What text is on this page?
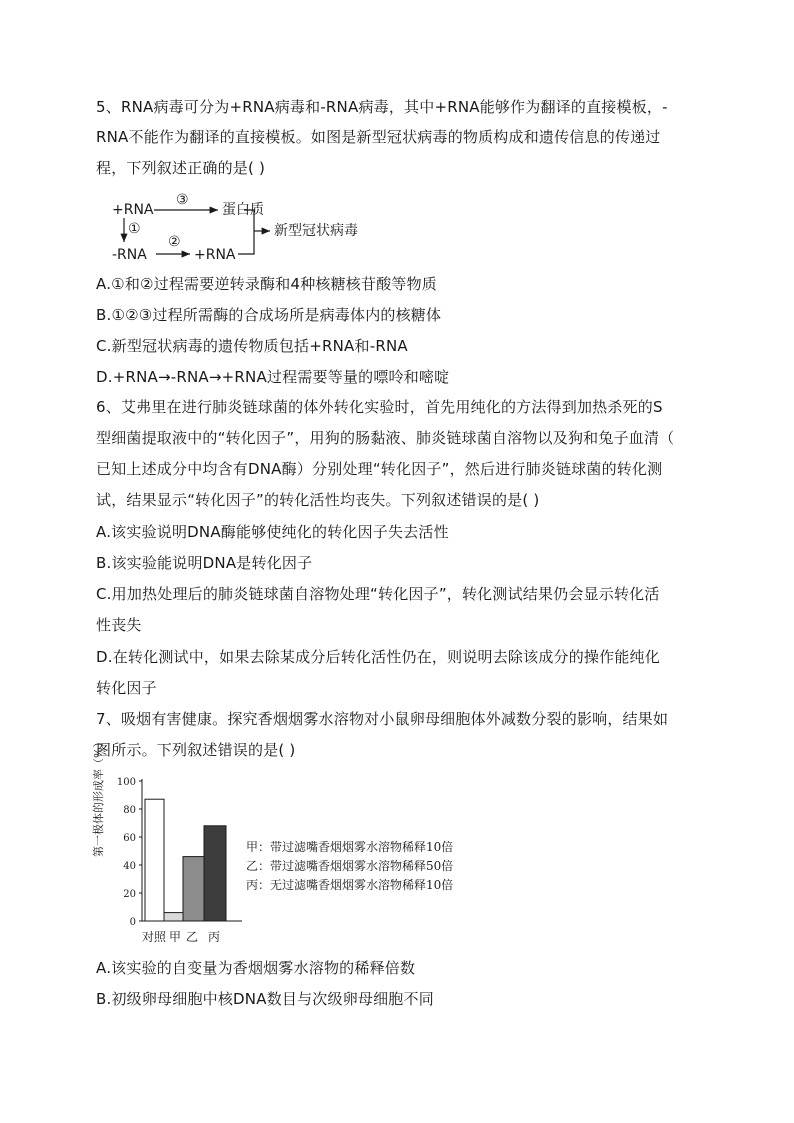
5、RNA病毒可分为+RNA病毒和-RNA病毒，其中+RNA能够作为翻译的直接模板，-
RNA不能作为翻译的直接模板。如图是新型冠状病毒的物质构成和遗传信息的传递过
程，下列叙述正确的是( )
+RNA	蛋白质
③
①
-RNA
②
+RNA
新型冠状病毒
A.①和②过程需要逆转录酶和4种核糖核苷酸等物质
B.①②③过程所需酶的合成场所是病毒体内的核糖体
C.新型冠状病毒的遗传物质包括+RNA和-RNA
D.+RNA→-RNA→+RNA过程需要等量的嘌呤和嘧啶
6、艾弗里在进行肺炎链球菌的体外转化实验时，首先用纯化的方法得到加热杀死的S
型细菌提取液中的“转化因子”，用狗的肠黏液、肺炎链球菌自溶物以及狗和兔子血清（
已知上述成分中均含有DNA酶）分别处理“转化因子”，然后进行肺炎链球菌的转化测
试，结果显示“转化因子”的转化活性均丧失。下列叙述错误的是( )
A.该实验说明DNA酶能够使纯化的转化因子失去活性
B.该实验能说明DNA是转化因子
C.用加热处理后的肺炎链球菌自溶物处理“转化因子”，转化测试结果仍会显示转化活
性丧失
D.在转化测试中，如果去除某成分后转化活性仍在，则说明去除该成分的操作能纯化
转化因子
7、吸烟有害健康。探究香烟烟雾水溶物对小鼠卵母细胞体外减数分裂的影响，结果如
图所示。下列叙述错误的是( )
第一极体的形成率（%）
0
20
40
60
80
100
对照 甲 乙 丙
甲：带过滤嘴香烟烟雾水溶物稀释10倍
乙：带过滤嘴香烟烟雾水溶物稀释50倍
丙：无过滤嘴香烟烟雾水溶物稀释10倍
A.该实验的自变量为香烟烟雾水溶物的稀释倍数
B.初级卵母细胞中核DNA数目与次级卵母细胞不同
